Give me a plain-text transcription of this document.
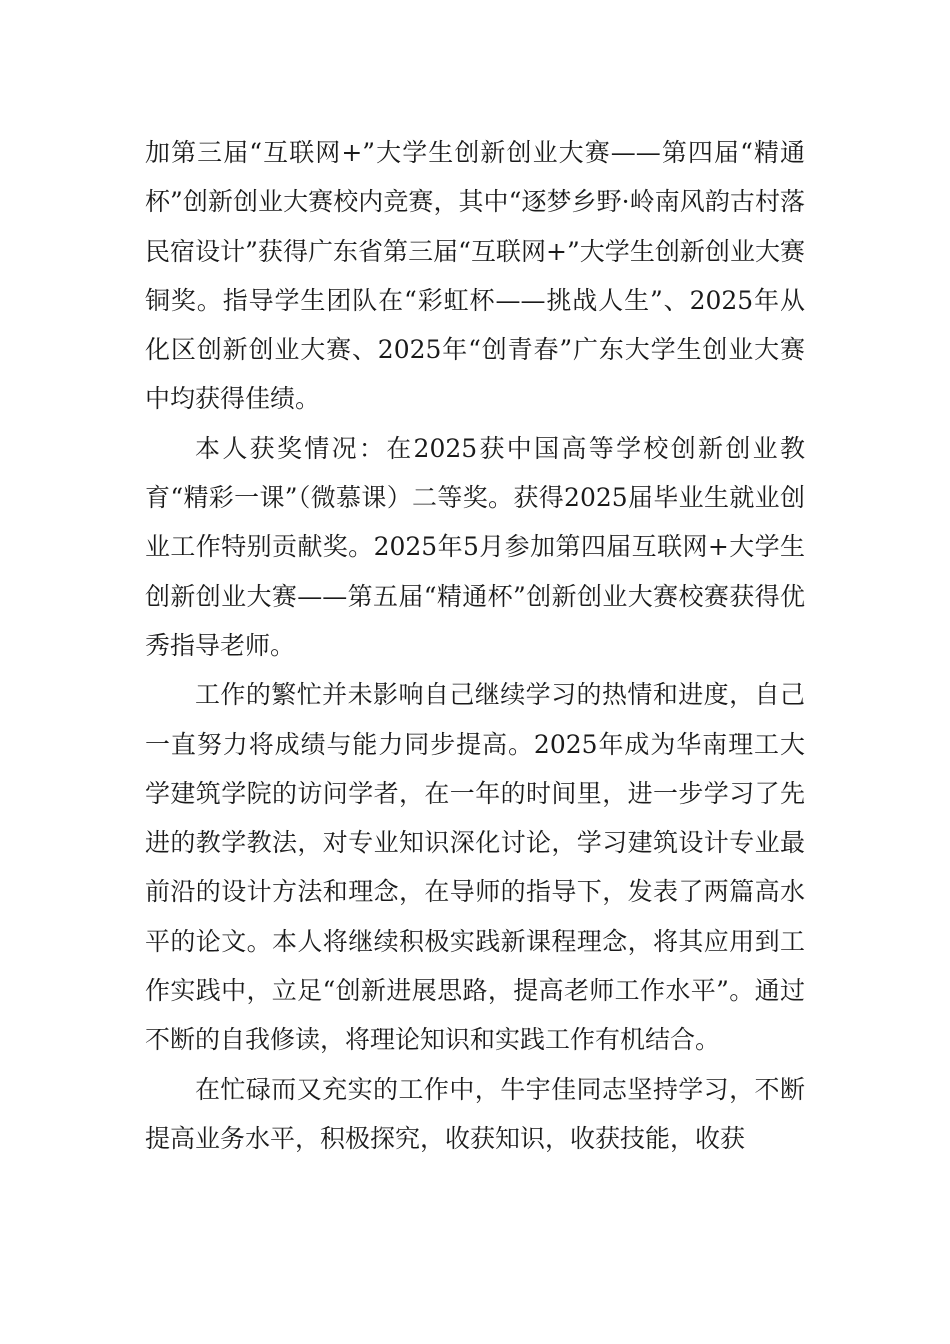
加第三届“互联网+”大学生创新创业大赛——第四届“精通杯”创新创业大赛校内竞赛，其中“逐梦乡野·岭南风韵古村落民宿设计”获得广东省第三届“互联网+”大学生创新创业大赛铜奖。指导学生团队在“彩虹杯——挑战人生”、2025年从化区创新创业大赛、2025年“创青春”广东大学生创业大赛中均获得佳绩。

本人获奖情况：在2025获中国高等学校创新创业教育“精彩一课”（微慕课）二等奖。获得2025届毕业生就业创业工作特别贡献奖。2025年5月参加第四届互联网+大学生创新创业大赛——第五届“精通杯”创新创业大赛校赛获得优秀指导老师。

工作的繁忙并未影响自己继续学习的热情和进度，自己一直努力将成绩与能力同步提高。2025年成为华南理工大学建筑学院的访问学者，在一年的时间里，进一步学习了先进的教学教法，对专业知识深化讨论，学习建筑设计专业最前沿的设计方法和理念，在导师的指导下，发表了两篇高水平的论文。本人将继续积极实践新课程理念，将其应用到工作实践中，立足“创新进展思路，提高老师工作水平”。通过不断的自我修读，将理论知识和实践工作有机结合。

在忙碌而又充实的工作中，牛宇佳同志坚持学习，不断提高业务水平，积极探究，收获知识，收获技能，收获
